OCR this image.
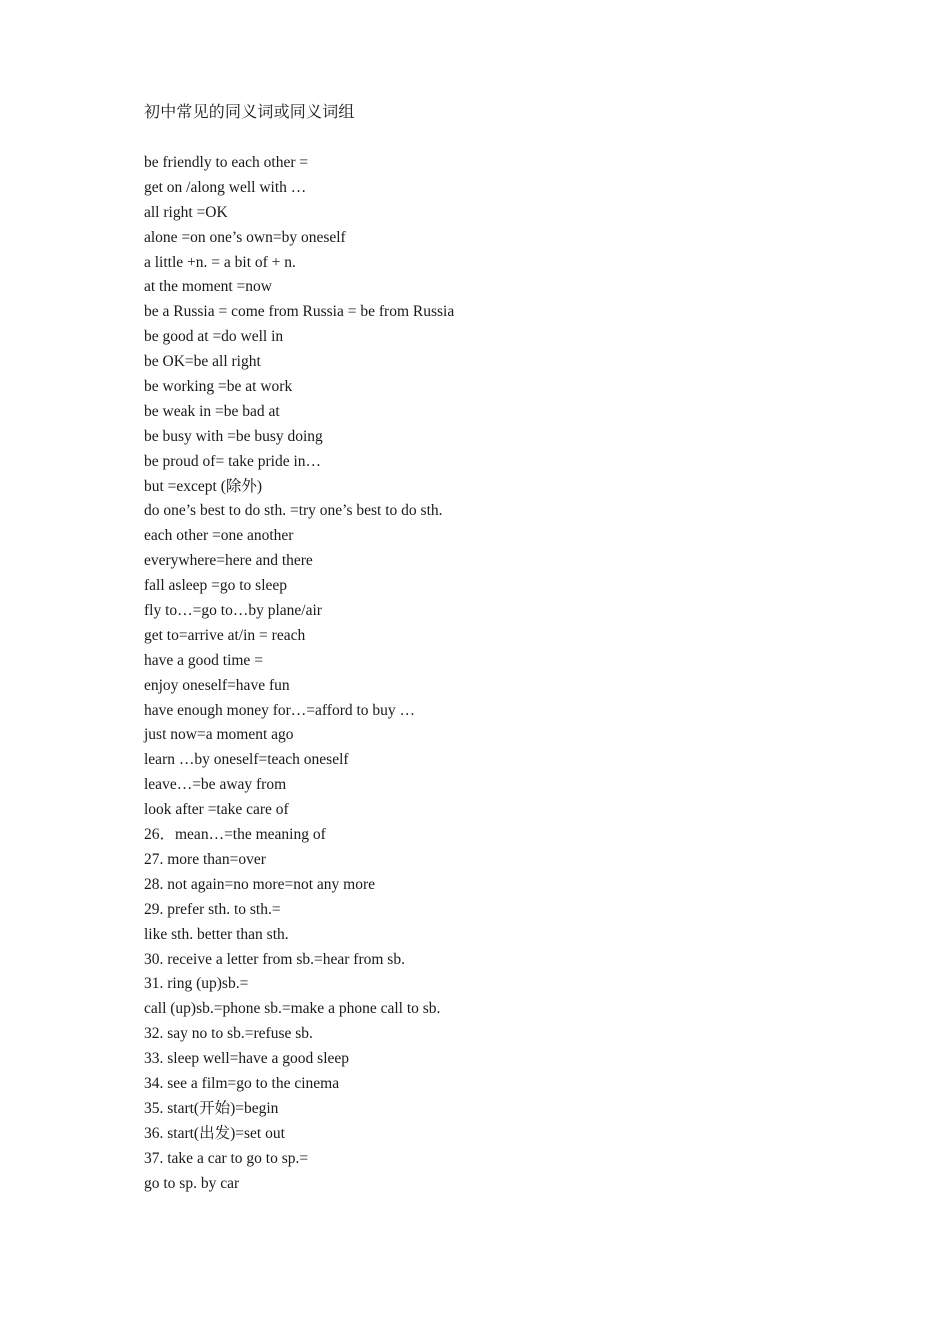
初中常见的同义词或同义词组
be friendly to each other =
get on /along well with …
all right =OK
alone =on one’s own=by oneself
a little +n. = a bit of + n.
at the moment =now
be a Russia = come from Russia = be from Russia
be good at =do well in
be OK=be all right
be working =be at work
be weak in =be bad at
be busy with =be busy doing
be proud of= take pride in…
but =except (除外)
do one’s best to do sth. =try one’s best to do sth.
each other =one another
everywhere=here and there
fall asleep =go to sleep
fly to…=go to…by plane/air
get to=arrive at/in = reach
have a good time =
enjoy oneself=have fun
have enough money for…=afford to buy …
just now=a moment ago
learn …by oneself=teach oneself
leave…=be away from
look after =take care of
26．mean…=the meaning of
27. more than=over
28. not again=no more=not any more
29. prefer sth. to sth.=
like sth. better than sth.
30. receive a letter from sb.=hear from sb.
31. ring (up)sb.=
call (up)sb.=phone sb.=make a phone call to sb.
32. say no to sb.=refuse sb.
33. sleep well=have a good sleep
34. see a film=go to the cinema
35. start(开始)=begin
36. start(出发)=set out
37. take a car to go to sp.=
go to sp. by car
